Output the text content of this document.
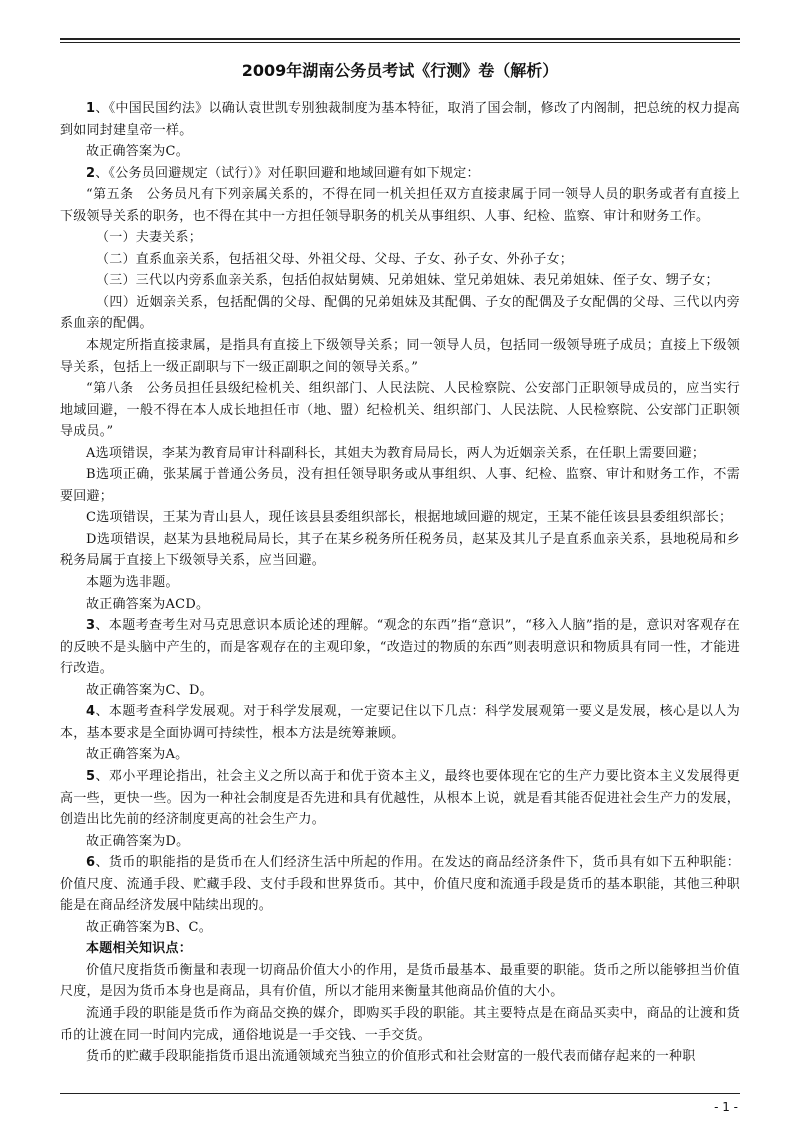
2009年湖南公务员考试《行测》卷（解析）

1、《中国民国约法》以确认袁世凯专别独裁制度为基本特征，取消了国会制，修改了内阁制，把总统的权力提高到如同封建皇帝一样。

故正确答案为C。

2、《公务员回避规定（试行）》对任职回避和地域回避有如下规定：

“第五条　公务员凡有下列亲属关系的，不得在同一机关担任双方直接隶属于同一领导人员的职务或者有直接上下级领导关系的职务，也不得在其中一方担任领导职务的机关从事组织、人事、纪检、监察、审计和财务工作。

（一）夫妻关系；

（二）直系血亲关系，包括祖父母、外祖父母、父母、子女、孙子女、外孙子女；

（三）三代以内旁系血亲关系，包括伯叔姑舅姨、兄弟姐妹、堂兄弟姐妹、表兄弟姐妹、侄子女、甥子女；

（四）近姻亲关系，包括配偶的父母、配偶的兄弟姐妹及其配偶、子女的配偶及子女配偶的父母、三代以内旁系血亲的配偶。

本规定所指直接隶属，是指具有直接上下级领导关系；同一领导人员，包括同一级领导班子成员；直接上下级领导关系，包括上一级正副职与下一级正副职之间的领导关系。”

“第八条　公务员担任县级纪检机关、组织部门、人民法院、人民检察院、公安部门正职领导成员的，应当实行地域回避，一般不得在本人成长地担任市（地、盟）纪检机关、组织部门、人民法院、人民检察院、公安部门正职领导成员。”

A选项错误，李某为教育局审计科副科长，其姐夫为教育局局长，两人为近姻亲关系，在任职上需要回避；

B选项正确，张某属于普通公务员，没有担任领导职务或从事组织、人事、纪检、监察、审计和财务工作，不需要回避；

C选项错误，王某为青山县人，现任该县县委组织部长，根据地域回避的规定，王某不能任该县县委组织部长；

D选项错误，赵某为县地税局局长，其子在某乡税务所任税务员，赵某及其儿子是直系血亲关系，县地税局和乡税务局属于直接上下级领导关系，应当回避。

本题为选非题。

故正确答案为ACD。

3、本题考查考生对马克思意识本质论述的理解。“观念的东西”指“意识”，“移入人脑”指的是，意识对客观存在的反映不是头脑中产生的，而是客观存在的主观印象，“改造过的物质的东西”则表明意识和物质具有同一性，才能进行改造。

故正确答案为C、D。

4、本题考查科学发展观。对于科学发展观，一定要记住以下几点：科学发展观第一要义是发展，核心是以人为本，基本要求是全面协调可持续性，根本方法是统筹兼顾。

故正确答案为A。

5、邓小平理论指出，社会主义之所以高于和优于资本主义，最终也要体现在它的生产力要比资本主义发展得更高一些，更快一些。因为一种社会制度是否先进和具有优越性，从根本上说，就是看其能否促进社会生产力的发展，创造出比先前的经济制度更高的社会生产力。

故正确答案为D。

6、货币的职能指的是货币在人们经济生活中所起的作用。在发达的商品经济条件下，货币具有如下五种职能：价值尺度、流通手段、贮藏手段、支付手段和世界货币。其中，价值尺度和流通手段是货币的基本职能，其他三种职能是在商品经济发展中陆续出现的。

故正确答案为B、C。

本题相关知识点：

价值尺度指货币衡量和表现一切商品价值大小的作用，是货币最基本、最重要的职能。货币之所以能够担当价值尺度，是因为货币本身也是商品，具有价值，所以才能用来衡量其他商品价值的大小。

流通手段的职能是货币作为商品交换的媒介，即购买手段的职能。其主要特点是在商品买卖中，商品的让渡和货币的让渡在同一时间内完成，通俗地说是一手交钱、一手交货。

货币的贮藏手段职能指货币退出流通领域充当独立的价值形式和社会财富的一般代表而储存起来的一种职

- 1 -
